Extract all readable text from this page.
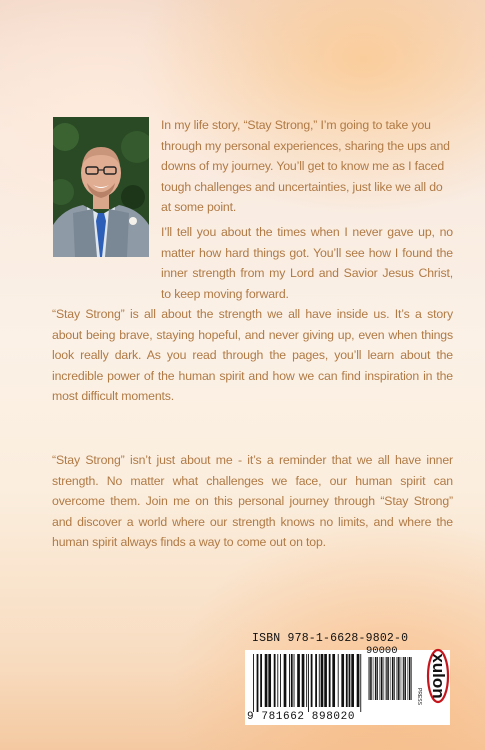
In my life story, “Stay Strong,” I’m going to take you through my personal experiences, sharing the ups and downs of my journey. You’ll get to know me as I faced tough challenges and uncertainties, just like we all do at some point.
I’ll tell you about the times when I never gave up, no matter how hard things got. You’ll see how I found the inner strength from my Lord and Savior Jesus Christ, to keep moving forward.
“Stay Strong” is all about the strength we all have inside us. It’s a story about being brave, staying hopeful, and never giving up, even when things look really dark. As you read through the pages, you’ll learn about the incredible power of the human spirit and how we can find inspiration in the most difficult moments.
“Stay Strong” isn’t just about me - it’s a reminder that we all have inner strength. No matter what challenges we face, our human spirit can overcome them. Join me on this personal journey through “Stay Strong” and discover a world where our strength knows no limits, and where the human spirit always finds a way to come out on top.
ISBN 978-1-6628-9802-0
90000
9 781662 898020
xulon
PRESS
